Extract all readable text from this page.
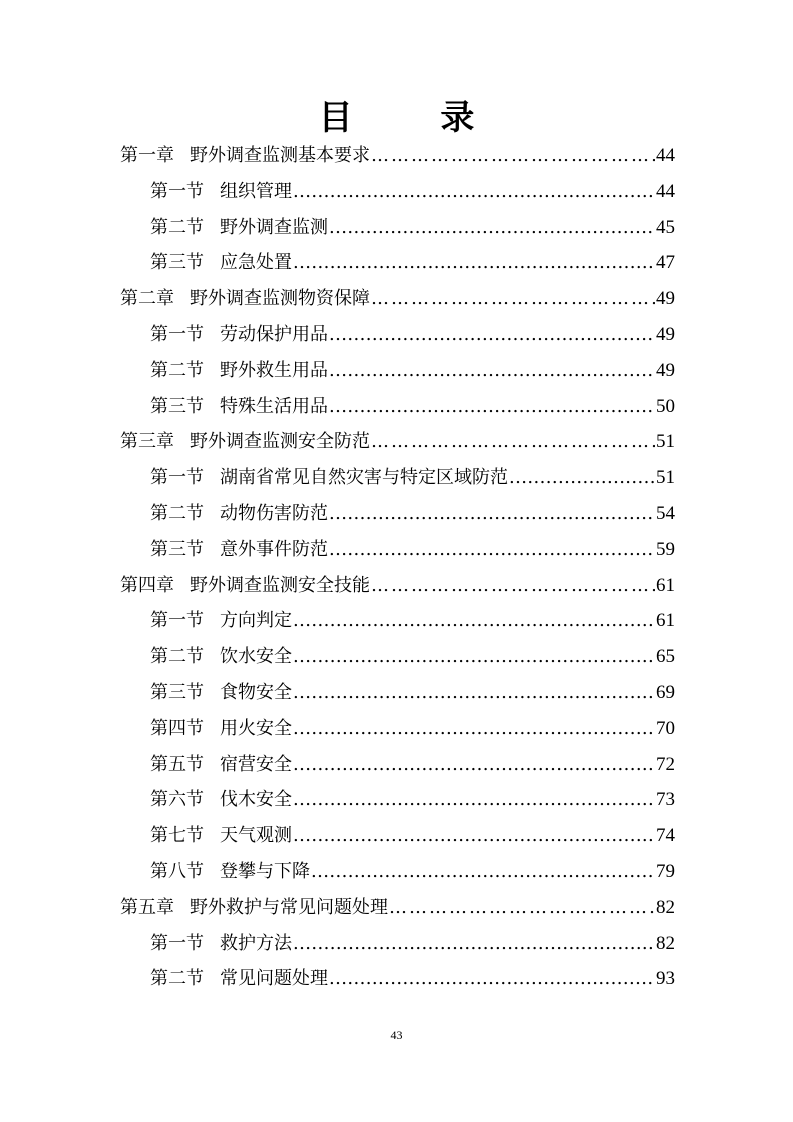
目 录
第一章 野外调查监测基本要求 …………………………………………………………………………………………	44
第一节 组织管理 .....	44
第二节 野外调查监测 .....	45
第三节 应急处置 .....	47
第二章 野外调查监测物资保障 …………………………………………………………………………………………	49
第一节 劳动保护用品 .....	49
第二节 野外救生用品 .....	49
第三节 特殊生活用品 .....	50
第三章 野外调查监测安全防范 …………………………………………………………………………………………	51
第一节 湖南省常见自然灾害与特定区域防范 .....	51
第二节 动物伤害防范 .....	54
第三节 意外事件防范 .....	59
第四章 野外调查监测安全技能 …………………………………………………………………………………………	61
第一节 方向判定 .....	61
第二节 饮水安全 .....	65
第三节 食物安全 .....	69
第四节 用火安全 .....	70
第五节 宿营安全 .....	72
第六节 伐木安全 .....	73
第七节 天气观测 .....	74
第八节 登攀与下降 .....	79
第五章 野外救护与常见问题处理 …………………………………………………………………………………………	82
第一节 救护方法 .....	82
第二节 常见问题处理 .....	93
43
